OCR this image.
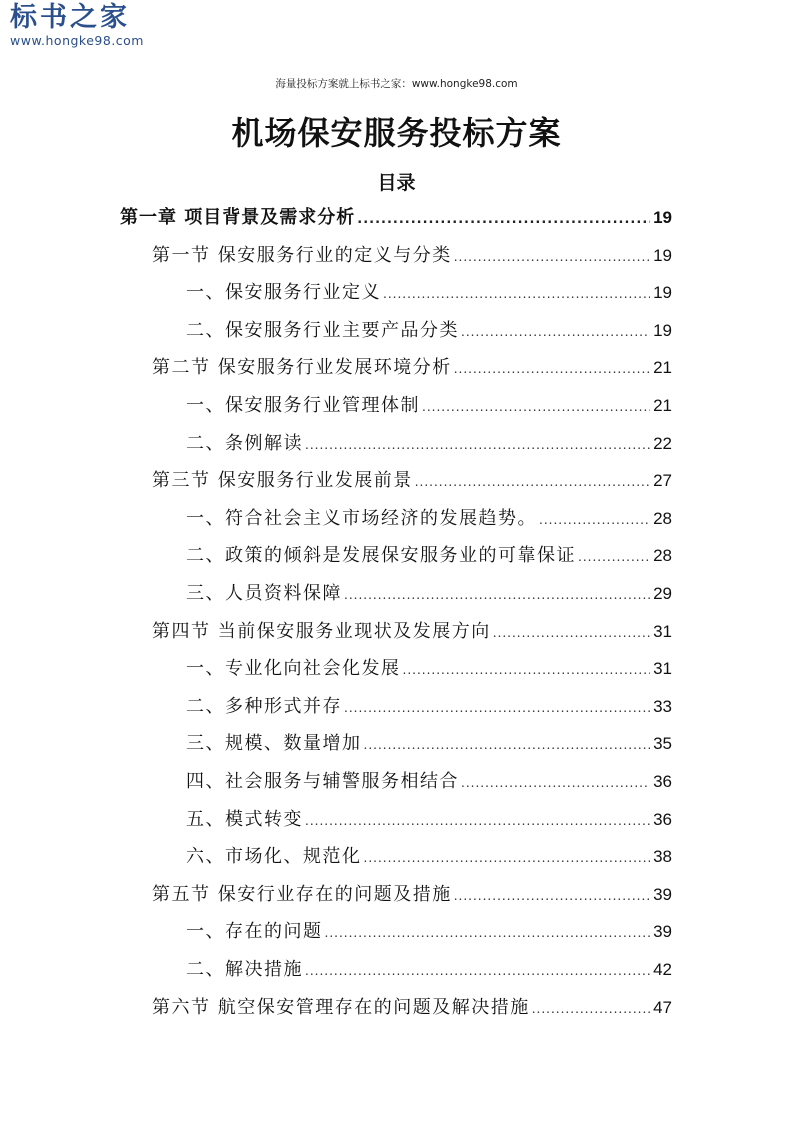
标书之家
www.hongke98.com
海量投标方案就上标书之家：www.hongke98.com
机场保安服务投标方案
目录
第一章 项目背景及需求分析 .....	19
第一节 保安服务行业的定义与分类 .....	19
一、保安服务行业定义 .....	19
二、保安服务行业主要产品分类 .....	19
第二节 保安服务行业发展环境分析 .....	21
一、保安服务行业管理体制 .....	21
二、条例解读 .....	22
第三节 保安服务行业发展前景 .....	27
一、符合社会主义市场经济的发展趋势。 .....	28
二、政策的倾斜是发展保安服务业的可靠保证 .....	28
三、人员资料保障 .....	29
第四节 当前保安服务业现状及发展方向 .....	31
一、专业化向社会化发展 .....	31
二、多种形式并存 .....	33
三、规模、数量增加 .....	35
四、社会服务与辅警服务相结合 .....	36
五、模式转变 .....	36
六、市场化、规范化 .....	38
第五节 保安行业存在的问题及措施 .....	39
一、存在的问题 .....	39
二、解决措施 .....	42
第六节 航空保安管理存在的问题及解决措施 .....	47
